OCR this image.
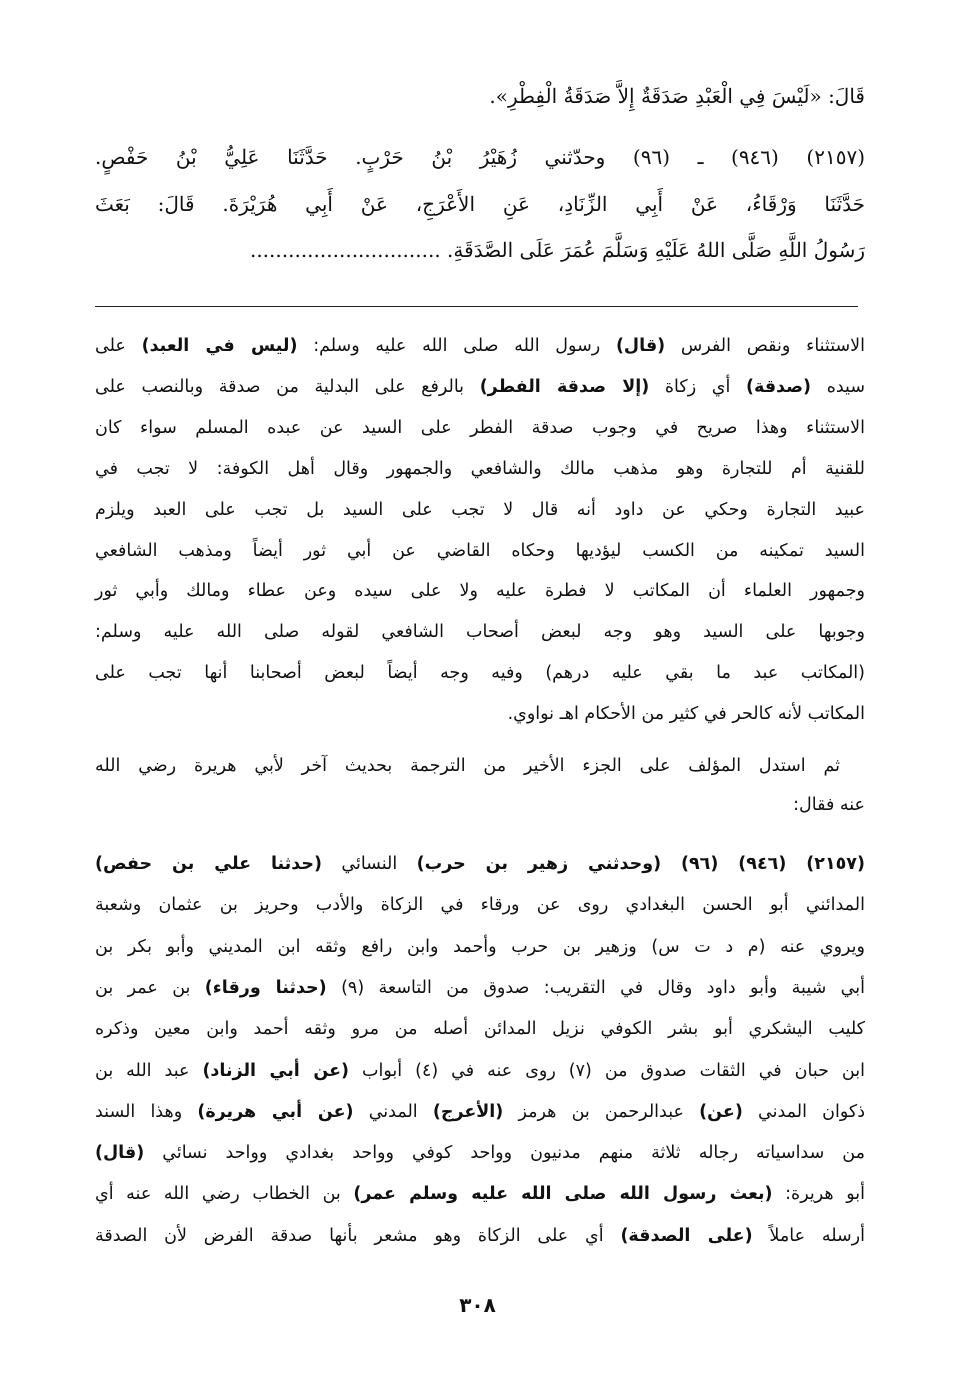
قَالَ: «لَيْسَ فِي الْعَبْدِ صَدَقَةٌ إِلاَّ صَدَقَةُ الْفِطْرِ».
(٢١٥٧) (٩٤٦) ـ (٩٦) وحدّثني زُهَيْرُ بْنُ حَرْبٍ. حَدَّثَنَا عَلِيُّ بْنُ حَفْصٍ.
حَدَّثَنَا وَرْقَاءُ، عَنْ أَبِي الزِّنَادِ، عَنِ الأَعْرَجِ، عَنْ أَبِي هُرَيْرَةَ. قَالَ: بَعَثَ
رَسُولُ اللَّهِ صَلَّى اللهُ عَلَيْهِ وَسَلَّمَ عُمَرَ عَلَى الصَّدَقَةِ. ..............................
الاستثناء ونقص الفرس (قال) رسول الله صلى الله عليه وسلم: (ليس في العبد) على
سيده (صدقة) أي زكاة (إلا صدقة الفطر) بالرفع على البدلية من صدقة وبالنصب على
الاستثناء وهذا صريح في وجوب صدقة الفطر على السيد عن عبده المسلم سواء كان
للقنية أم للتجارة وهو مذهب مالك والشافعي والجمهور وقال أهل الكوفة: لا تجب في
عبيد التجارة وحكي عن داود أنه قال لا تجب على السيد بل تجب على العبد ويلزم
السيد تمكينه من الكسب ليؤديها وحكاه القاضي عن أبي ثور أيضاً ومذهب الشافعي
وجمهور العلماء أن المكاتب لا فطرة عليه ولا على سيده وعن عطاء ومالك وأبي ثور
وجوبها على السيد وهو وجه لبعض أصحاب الشافعي لقوله صلى الله عليه وسلم:
(المكاتب عبد ما بقي عليه درهم) وفيه وجه أيضاً لبعض أصحابنا أنها تجب على
المكاتب لأنه كالحر في كثير من الأحكام اهـ نواوي.
ثم استدل المؤلف على الجزء الأخير من الترجمة بحديث آخر لأبي هريرة رضي الله
عنه فقال:
(٢١٥٧) (٩٤٦) (٩٦) (وحدثني زهير بن حرب) النسائي (حدثنا علي بن حفص)
المدائني أبو الحسن البغدادي روى عن ورقاء في الزكاة والأدب وحريز بن عثمان وشعبة
ويروي عنه (م د ت س) وزهير بن حرب وأحمد وابن رافع وثقه ابن المديني وأبو بكر بن
أبي شيبة وأبو داود وقال في التقريب: صدوق من التاسعة (٩) (حدثنا ورقاء) بن عمر بن
كليب اليشكري أبو بشر الكوفي نزيل المدائن أصله من مرو وثقه أحمد وابن معين وذكره
ابن حبان في الثقات صدوق من (٧) روى عنه في (٤) أبواب (عن أبي الزناد) عبد الله بن
ذكوان المدني (عن) عبدالرحمن بن هرمز (الأعرج) المدني (عن أبي هريرة) وهذا السند
من سداسياته رجاله ثلاثة منهم مدنيون وواحد كوفي وواحد بغدادي وواحد نسائي (قال)
أبو هريرة: (بعث رسول الله صلى الله عليه وسلم عمر) بن الخطاب رضي الله عنه أي
أرسله عاملاً (على الصدقة) أي على الزكاة وهو مشعر بأنها صدقة الفرض لأن الصدقة
٣٠٨
